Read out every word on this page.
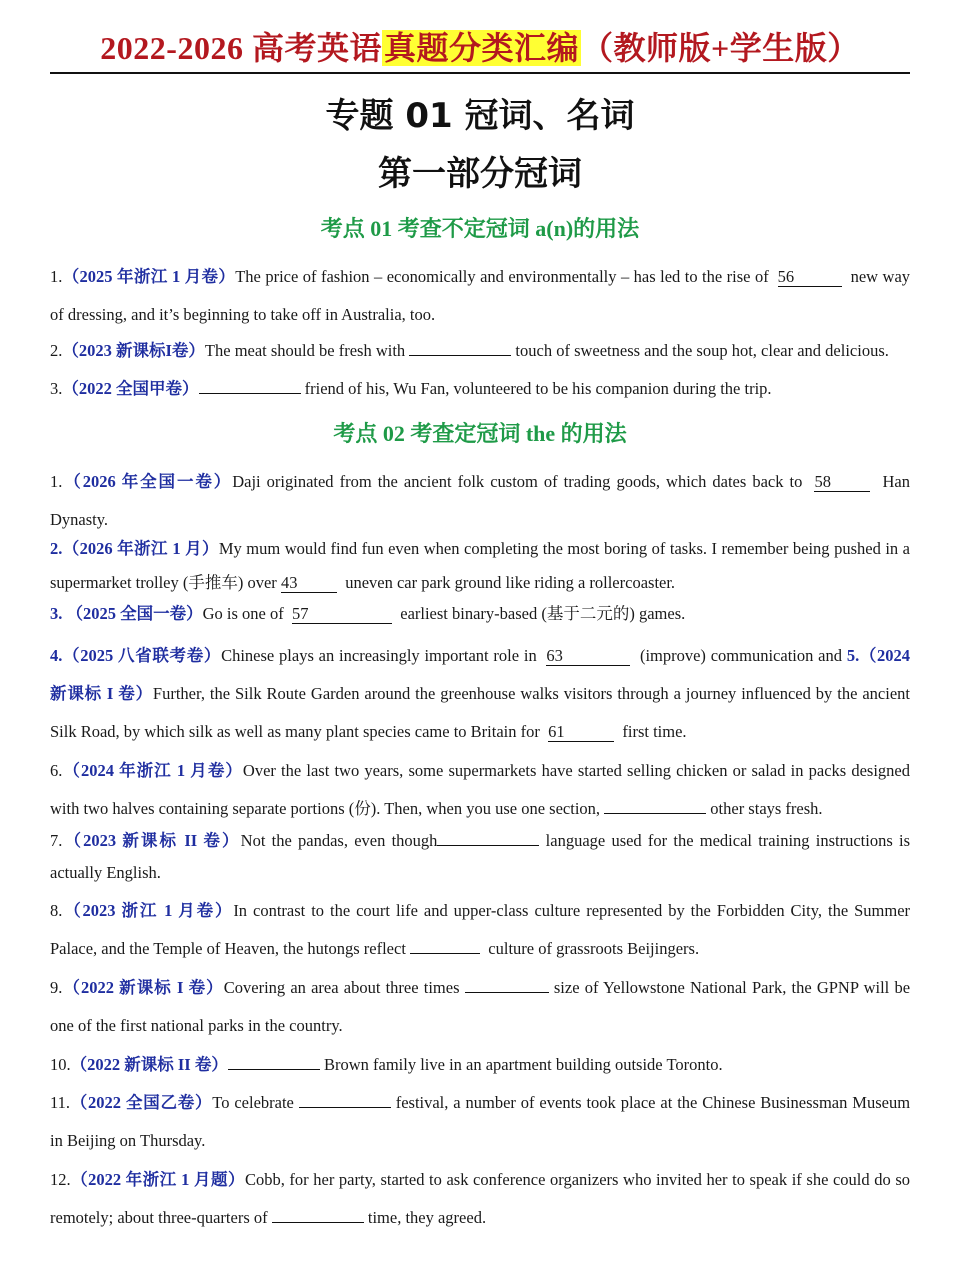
2022-2026 高考英语真题分类汇编（教师版+学生版）
专题 01 冠词、名词
第一部分冠词
考点 01 考查不定冠词 a(n)的用法
1.（2025 年浙江 1 月卷）The price of fashion – economically and environmentally – has led to the rise of 56	new way of dressing, and it’s beginning to take off in Australia, too.
2.（2023 新课标I卷）The meat should be fresh with	touch of sweetness and the soup hot, clear and delicious.
3.（2022 全国甲卷）	friend of his, Wu Fan, volunteered to be his companion during the trip.
考点 02 考查定冠词 the 的用法
1.（2026 年全国一卷）Daji originated from the ancient folk custom of trading goods, which dates back to 58	Han Dynasty.
2.（2026 年浙江 1 月）My mum would find fun even when completing the most boring of tasks. I remember being pushed in a supermarket trolley (手推车) over 43	uneven car park ground like riding a rollercoaster.
3. （2025 全国一卷）Go is one of 57	earliest binary-based (基于二元的) games.
4.（2025 八省联考卷）Chinese plays an increasingly important role in 63	(improve) communication and 5.（2024 新课标 I 卷）Further, the Silk Route Garden around the greenhouse walks visitors through a journey influenced by the ancient Silk Road, by which silk as well as many plant species came to Britain for 61	first time.
6.（2024 年浙江 1 月卷）Over the last two years, some supermarkets have started selling chicken or salad in packs designed with two halves containing separate portions (份). Then, when you use one section,	other stays fresh.
7.（2023 新课标 II 卷）Not the pandas, even though	language used for the medical training instructions is actually English.
8.（2023 浙江 1 月卷）In contrast to the court life and upper-class culture represented by the Forbidden City, the Summer Palace, and the Temple of Heaven, the hutongs reflect	culture of grassroots Beijingers.
9.（2022 新课标 I 卷）Covering an area about three times	size of Yellowstone National Park, the GPNP will be one of the first national parks in the country.
10.（2022 新课标 II 卷）	Brown family live in an apartment building outside Toronto.
11.（2022 全国乙卷）To celebrate	festival, a number of events took place at the Chinese Businessman Museum in Beijing on Thursday.
12.（2022 年浙江 1 月题）Cobb, for her party, started to ask conference organizers who invited her to speak if she could do so remotely; about three-quarters of	time, they agreed.
